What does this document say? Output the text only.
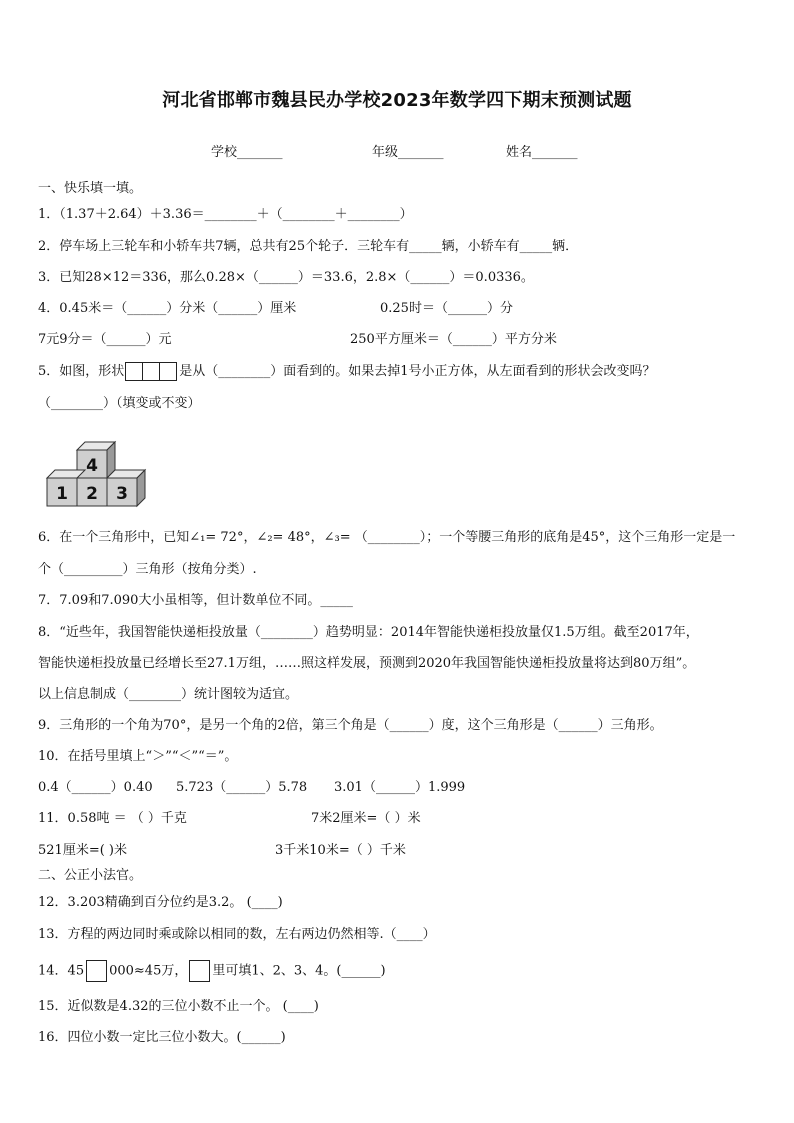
河北省邯郸市魏县民办学校2023年数学四下期末预测试题
学校_______	年级_______	姓名_______
一、快乐填一填。
1．（1.37＋2.64）＋3.36＝________＋（________＋________）
2．停车场上三轮车和小轿车共7辆，总共有25个轮子．三轮车有_____辆，小轿车有_____辆．
3．已知28×12＝336，那么0.28×（______）＝33.6，2.8×（______）＝0.0336。
4．0.45米＝（______）分米（______）厘米	0.25时＝（______）分
7元9分＝（______）元	250平方厘米＝（______）平方分米
5．如图，形状	是从（________）面看到的。如果去掉1号小正方体，从左面看到的形状会改变吗？
（________）（填变或不变）
4
1 2 3
6．在一个三角形中，已知∠₁= 72°，∠₂= 48°，∠₃= （________）；一个等腰三角形的底角是45°，这个三角形一定是一
个（_________）三角形（按角分类）.
7．7.09和7.090大小虽相等，但计数单位不同。_____
8．“近些年，我国智能快递柜投放量（________）趋势明显：2014年智能快递柜投放量仅1.5万组。截至2017年，
智能快递柜投放量已经增长至27.1万组，……照这样发展，预测到2020年我国智能快递柜投放量将达到80万组”。
以上信息制成（________）统计图较为适宜。
9．三角形的一个角为70°，是另一个角的2倍，第三个角是（______）度，这个三角形是（______）三角形。
10．在括号里填上“＞”“＜”“＝”。
0.4（______）0.40 5.723（______）5.78 3.01（______）1.999
11．0.58吨 ＝ （ ）千克	7米2厘米=（ ）米
521厘米=( )米	3千米10米=（ ）千米
二、公正小法官。
12．3.203精确到百分位约是3.2。 (____)
13．方程的两边同时乘或除以相同的数，左右两边仍然相等.（____）
14．45 000≈45万， 里可填1、2、3、4。(______)
15．近似数是4.32的三位小数不止一个。 (____)
16．四位小数一定比三位小数大。(______)
